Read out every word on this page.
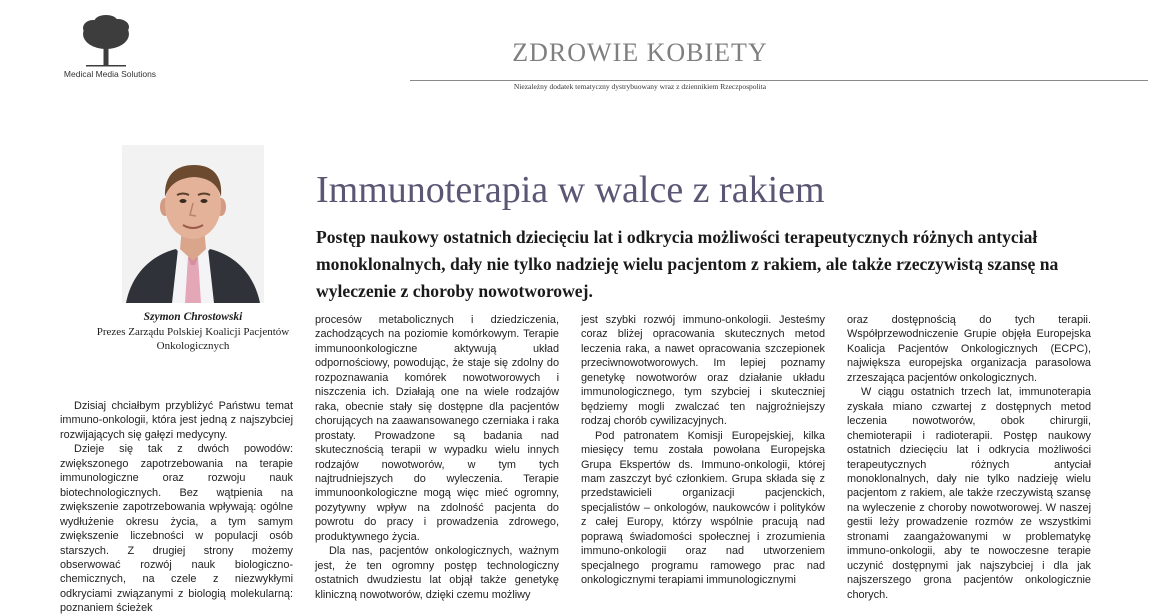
Medical Media Solutions
ZDROWIE KOBIETY
Niezależny dodatek tematyczny dystrybuowany wraz z dziennikiem Rzeczpospolita
Szymon Chrostowski
Prezes Zarządu Polskiej Koalicji Pacjentów Onkologicznych
Immunoterapia w walce z rakiem
Postęp naukowy ostatnich dziecięciu lat i odkrycia możliwości terapeutycznych różnych antyciał monoklonalnych, dały nie tylko nadzieję wielu pacjentom z rakiem, ale także rzeczywistą szansę na wyleczenie z choroby nowotworowej.

Dzisiaj chciałbym przybliżyć Państwu temat immuno-onkologii, która jest jedną z najszybciej rozwijających się gałęzi medycyny.

Dzieje się tak z dwóch powodów: zwiększonego zapotrzebowania na terapie immunologiczne oraz rozwoju nauk biotechnologicznych. Bez wątpienia na zwiększenie zapotrzebowania wpływają: ogólne wydłużenie okresu życia, a tym samym zwiększenie liczebności w populacji osób starszych. Z drugiej strony możemy obserwować rozwój nauk biologiczno-chemicznych, na czele z niezwykłymi odkryciami związanymi z biologią molekularną: poznaniem ścieżek

procesów metabolicznych i dziedziczenia, zachodzących na poziomie komórkowym. Terapie immunoonkologiczne aktywują układ odpornościowy, powodując, że staje się zdolny do rozpoznawania komórek nowotworowych i niszczenia ich. Działają one na wiele rodzajów raka, obecnie stały się dostępne dla pacjentów chorujących na zaawansowanego czerniaka i raka prostaty. Prowadzone są badania nad skutecznością terapii w wypadku wielu innych rodzajów nowotworów, w tym tych najtrudniejszych do wyleczenia. Terapie immunoonkologiczne mogą więc mieć ogromny, pozytywny wpływ na zdolność pacjenta do powrotu do pracy i prowadzenia zdrowego, produktywnego życia.

Dla nas, pacjentów onkologicznych, ważnym jest, że ten ogromny postęp technologiczny ostatnich dwudziestu lat objął także genetykę kliniczną nowotworów, dzięki czemu możliwy

jest szybki rozwój immuno-onkologii. Jesteśmy coraz bliżej opracowania skutecznych metod leczenia raka, a nawet opracowania szczepionek przeciwnowotworowych. Im lepiej poznamy genetykę nowotworów oraz działanie układu immunologicznego, tym szybciej i skuteczniej będziemy mogli zwalczać ten najgroźniejszy rodzaj chorób cywilizacyjnych.

Pod patronatem Komisji Europejskiej, kilka miesięcy temu została powołana Europejska Grupa Ekspertów ds. Immuno-onkologii, której mam zaszczyt być członkiem. Grupa składa się z przedstawicieli organizacji pacjenckich, specjalistów – onkologów, naukowców i polityków z całej Europy, którzy wspólnie pracują nad poprawą świadomości społecznej i zrozumienia immuno-onkologii oraz nad utworzeniem specjalnego programu ramowego prac nad onkologicznymi terapiami immunologicznymi

oraz dostępnością do tych terapii. Współprzewodniczenie Grupie objęła Europejska Koalicja Pacjentów Onkologicznych (ECPC), największa europejska organizacja parasolowa zrzeszająca pacjentów onkologicznych.

W ciągu ostatnich trzech lat, immunoterapia zyskała miano czwartej z dostępnych metod leczenia nowotworów, obok chirurgii, chemioterapii i radioterapii. Postęp naukowy ostatnich dziecięciu lat i odkrycia możliwości terapeutycznych różnych antyciał monoklonalnych, dały nie tylko nadzieję wielu pacjentom z rakiem, ale także rzeczywistą szansę na wyleczenie z choroby nowotworowej. W naszej gestii leży prowadzenie rozmów ze wszystkimi stronami zaangażowanymi w problematykę immuno-onkologii, aby te nowoczesne terapie uczynić dostępnymi jak najszybciej i dla jak najszerszego grona pacjentów onkologicznie chorych.
